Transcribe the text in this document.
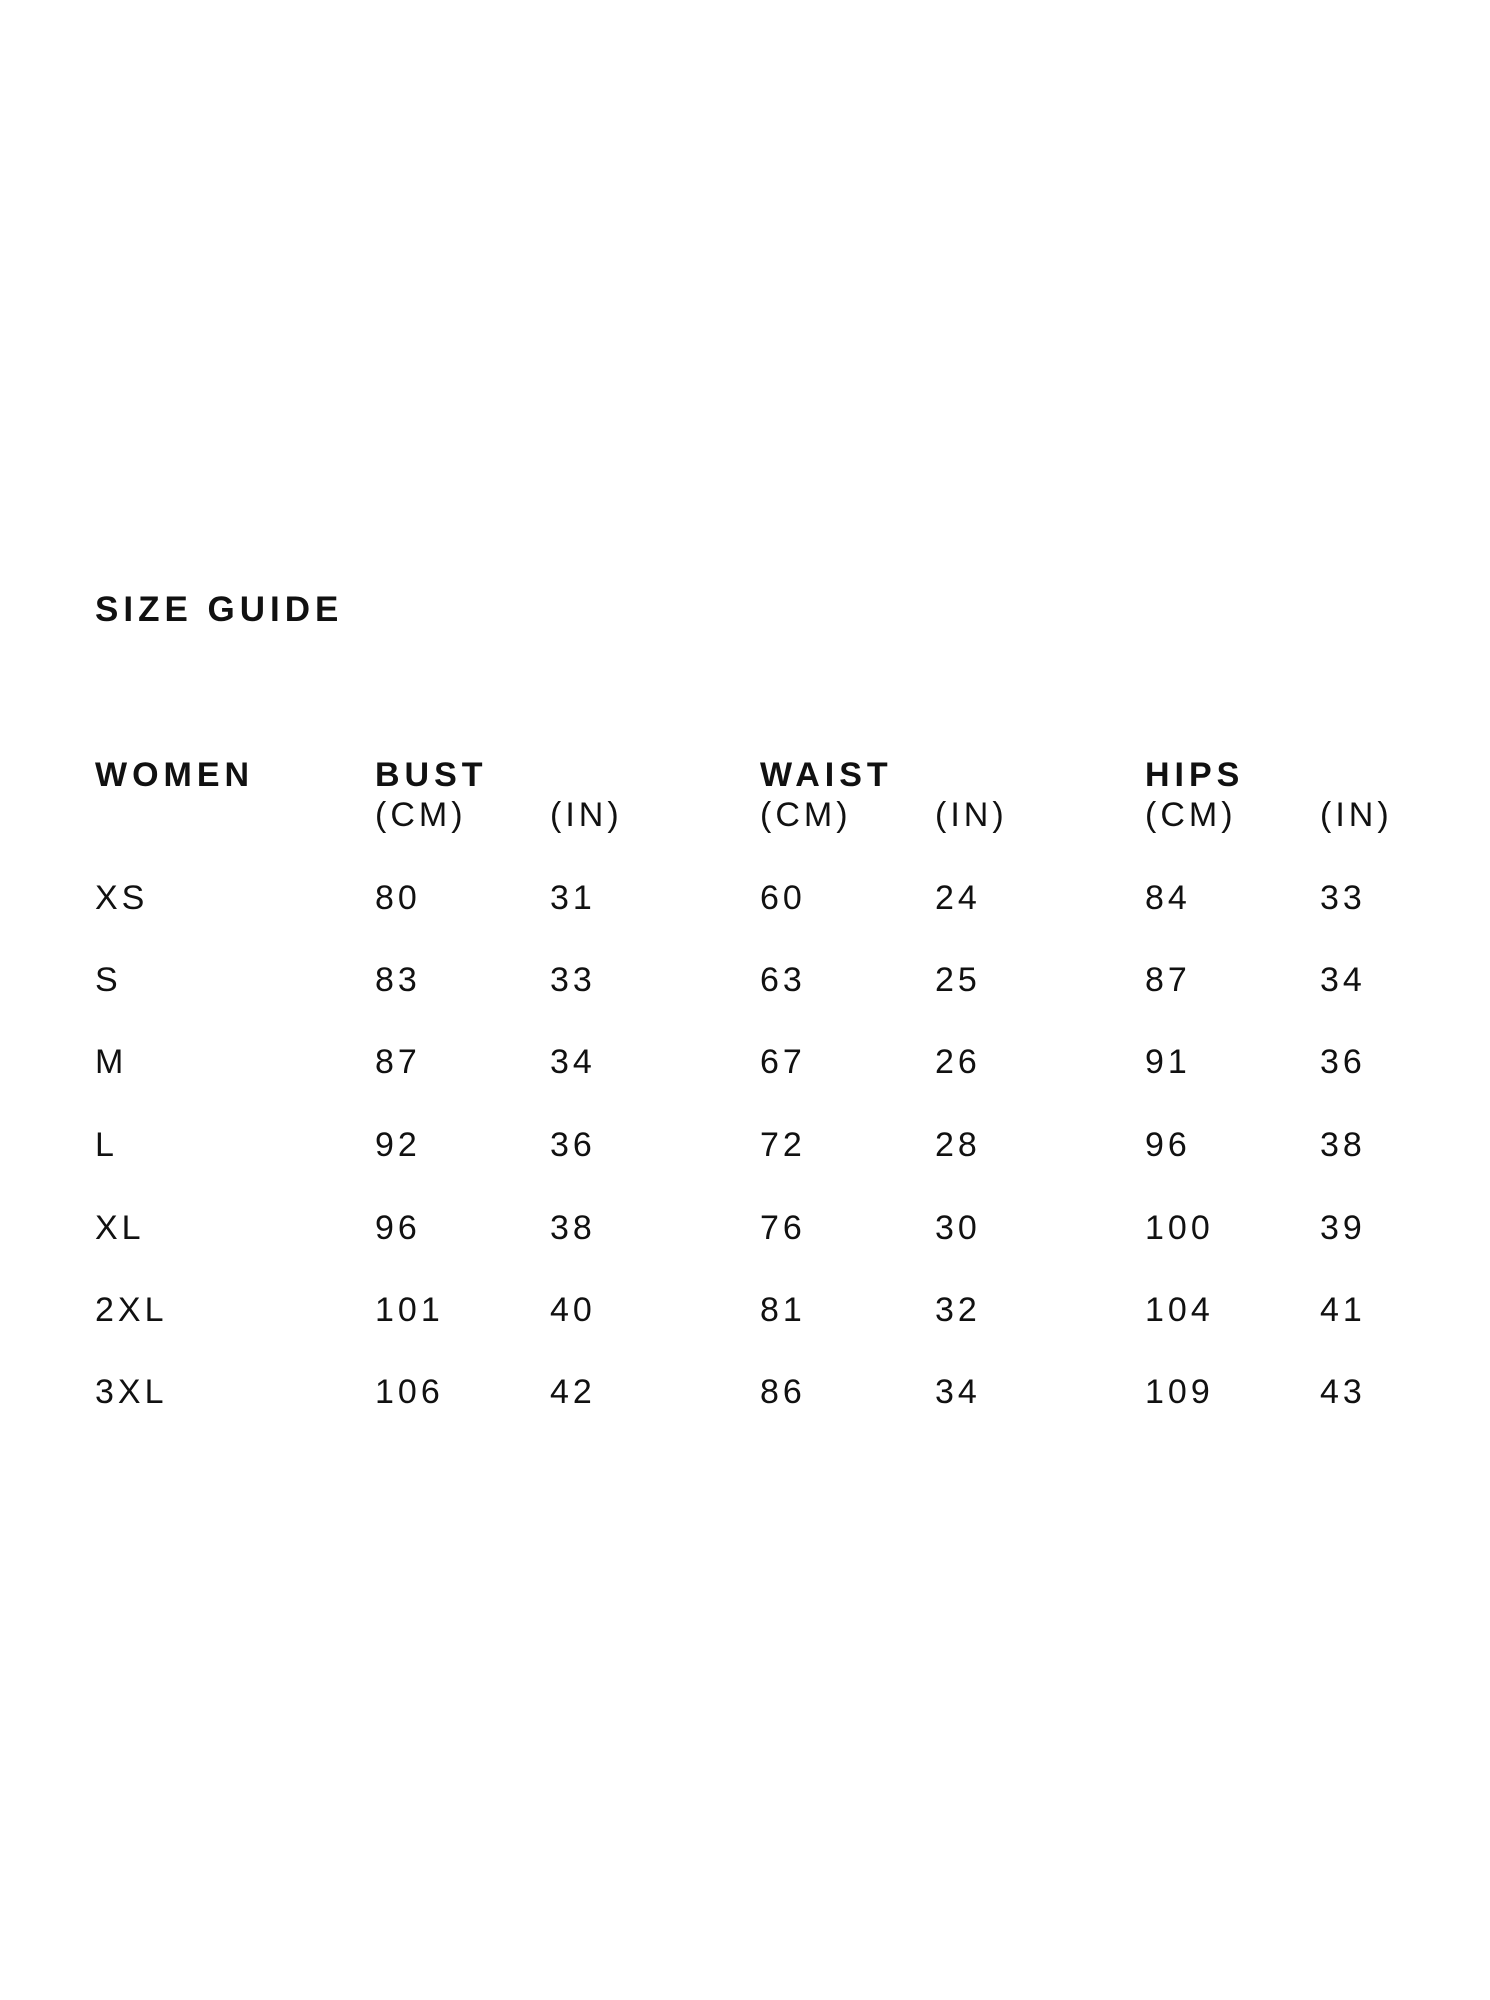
SIZE GUIDE
WOMEN	BUST	WAIST	HIPS
(CM) (IN)	(CM) (IN)	(CM) (IN)
XS	80	31	60	24	84	33
S	83	33	63	25	87	34
M	87	34	67	26	91	36
L	92	36	72	28	96	38
XL	96	38	76	30	100	39
2XL	101	40	81	32	104	41
3XL	106	42	86	34	109	43
